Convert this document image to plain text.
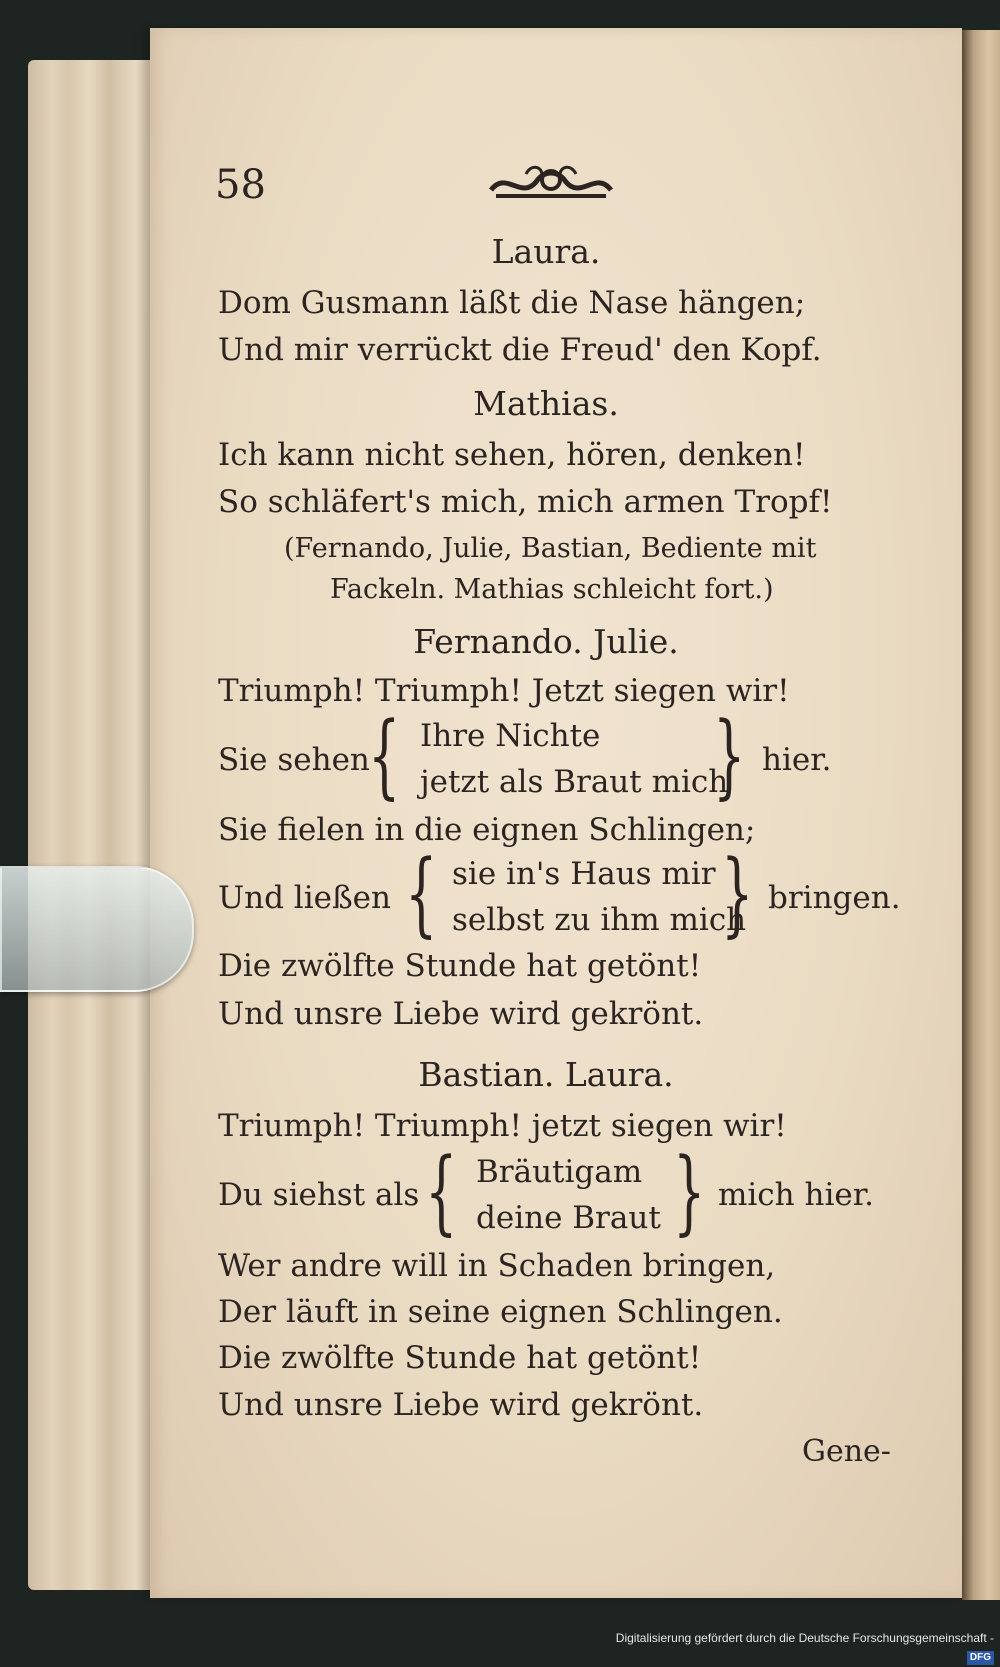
58
Laura.
Dom Gusmann läßt die Nase hängen;
Und mir verrückt die Freud' den Kopf.
Mathias.
Ich kann nicht sehen, hören, denken!
So schläfert's mich, mich armen Tropf!
(Fernando, Julie, Bastian, Bediente mit
Fackeln. Mathias schleicht fort.)
Fernando. Julie.
Triumph! Triumph! Jetzt siegen wir!
Sie sehen
{ Ihre Nichte
jetzt als Braut mich
} hier.
Sie fielen in die eignen Schlingen;
Und ließen { sie in's Haus mir
selbst zu ihm mich
} bringen.
Die zwölfte Stunde hat getönt!
Und unsre Liebe wird gekrönt.
Bastian. Laura.
Triumph! Triumph! jetzt siegen wir!
Du siehst als { Bräutigam
deine Braut } mich hier.
Wer andre will in Schaden bringen,
Der läuft in seine eignen Schlingen.
Die zwölfte Stunde hat getönt!
Und unsre Liebe wird gekrönt.
Gene-
Digitalisierung gefördert durch die Deutsche Forschungsgemeinschaft -DFG
